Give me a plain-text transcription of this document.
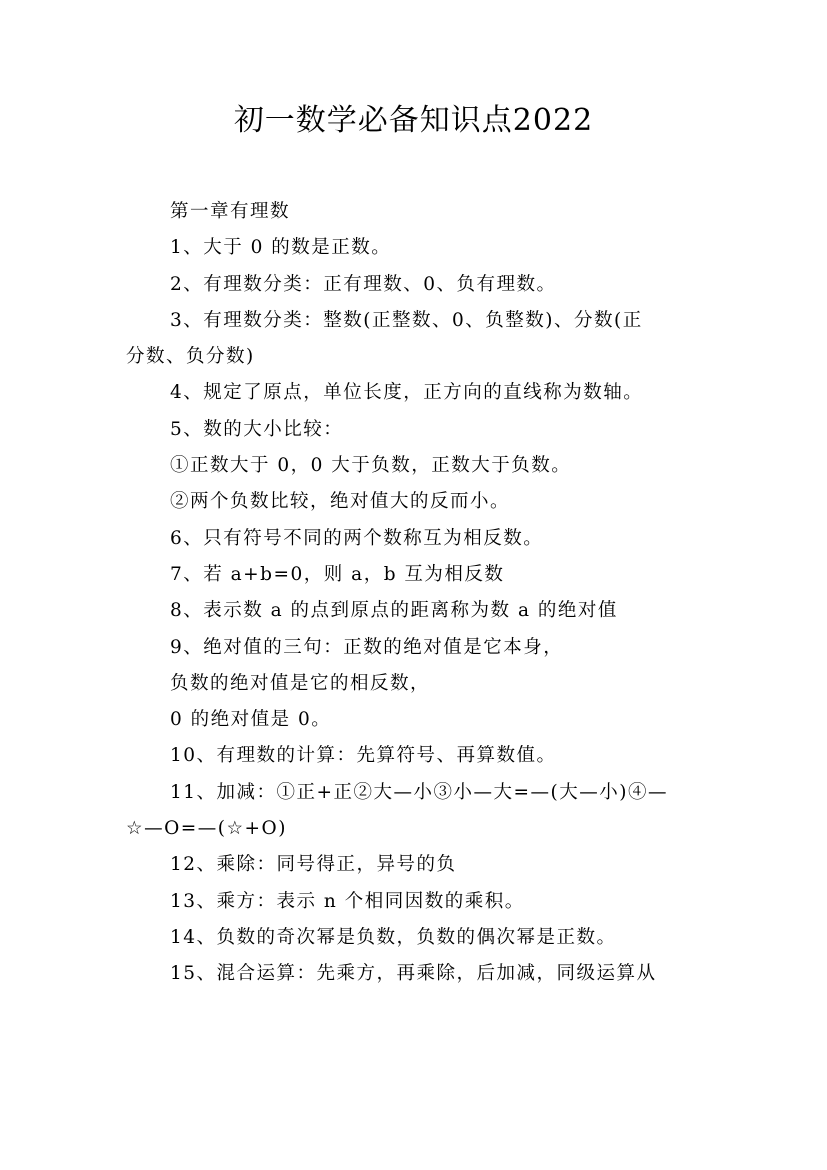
初一数学必备知识点2022
第一章有理数
1、大于 0 的数是正数。
2、有理数分类：正有理数、0、负有理数。
3、有理数分类：整数(正整数、0、负整数)、分数(正
分数、负分数)
4、规定了原点，单位长度，正方向的直线称为数轴。
5、数的大小比较：
①正数大于 0，0 大于负数，正数大于负数。
②两个负数比较，绝对值大的反而小。
6、只有符号不同的两个数称互为相反数。
7、若 a+b=0，则 a，b 互为相反数
8、表示数 a 的点到原点的距离称为数 a 的绝对值
9、绝对值的三句：正数的绝对值是它本身，
负数的绝对值是它的相反数，
0 的绝对值是 0。
10、有理数的计算：先算符号、再算数值。
11、加减：①正+正②大—小③小—大=—(大—小)④—
☆—O=—(☆+O)
12、乘除：同号得正，异号的负
13、乘方：表示 n 个相同因数的乘积。
14、负数的奇次幂是负数，负数的偶次幂是正数。
15、混合运算：先乘方，再乘除，后加减，同级运算从
